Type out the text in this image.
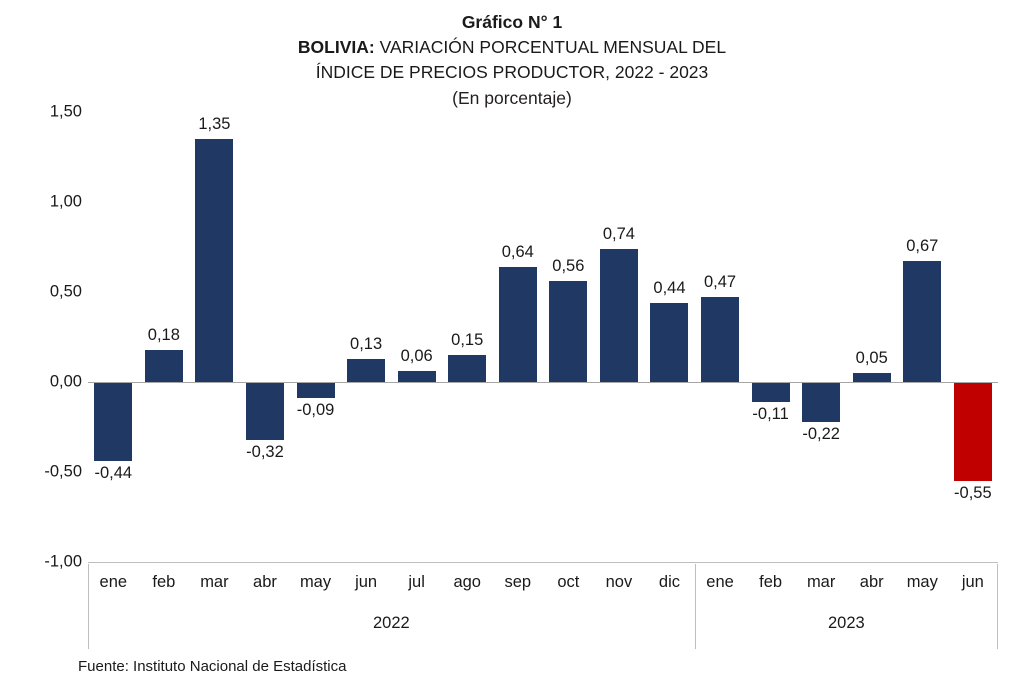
Gráfico N° 1
BOLIVIA: VARIACIÓN PORCENTUAL MENSUAL DEL
ÍNDICE DE PRECIOS PRODUCTOR, 2022 - 2023
(En porcentaje)
1,50
1,00
0,50
0,00
-0,50
-1,00
-0,44
0,18
1,35
-0,32
-0,09
0,13
0,06
0,15
0,64
0,56
0,74
0,44 0,47
-0,11
-0,22
0,05
0,67
-0,55
ene	feb	mar	abr	may	jun	jul	ago	sep	oct	nov	dic	ene	feb	mar	abr	may	jun
2022	2023
Fuente: Instituto Nacional de Estadística
